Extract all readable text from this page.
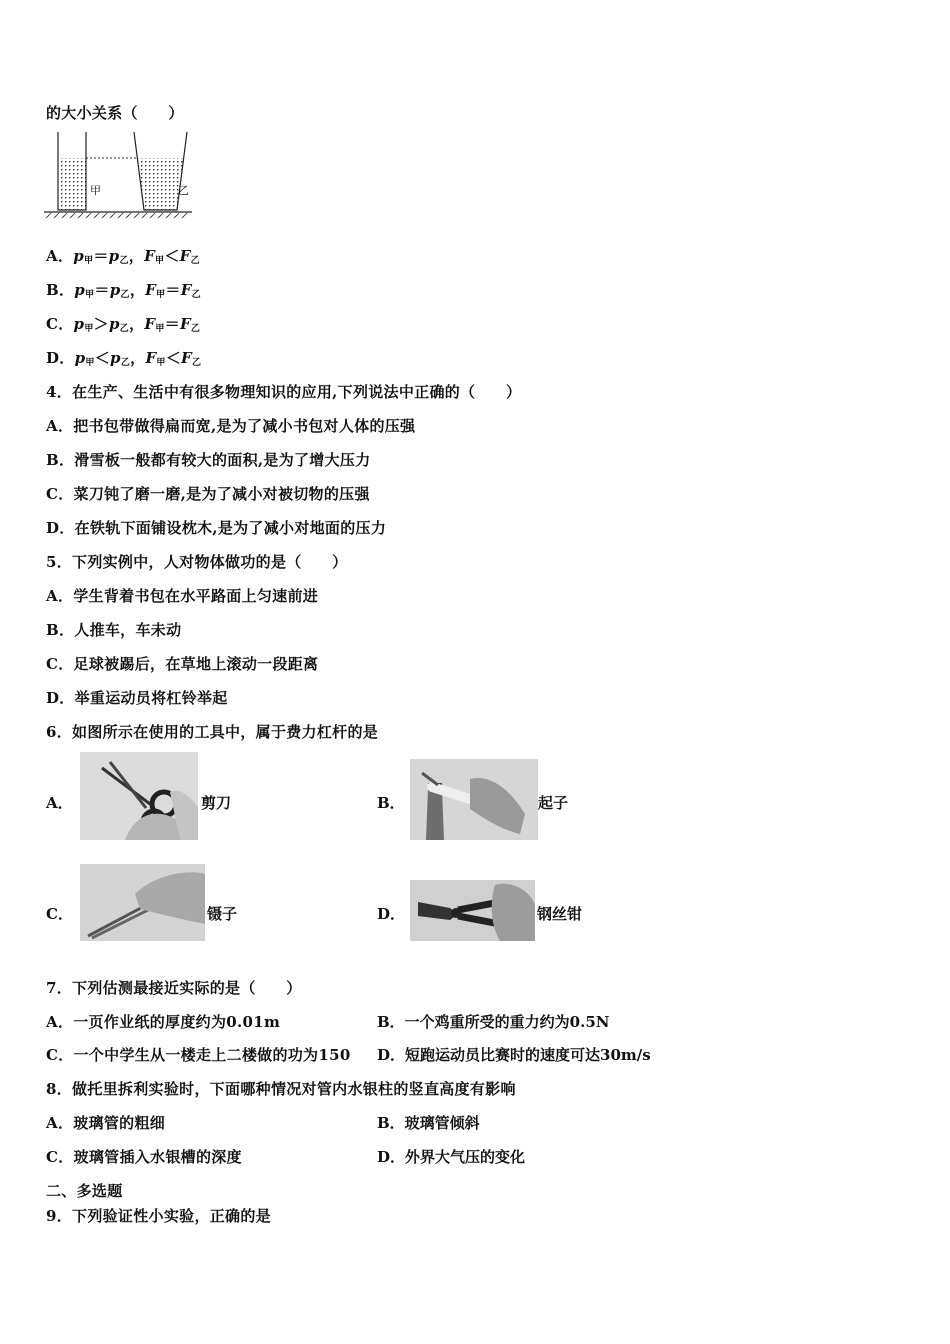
的大小关系（　　）
甲	乙
A．$p_甲=p_乙$，$F_甲<F_乙$
B．$p_甲=p_乙$，$F_甲=F_乙$
C．$p_甲>p_乙$，$F_甲=F_乙$
D．$p_甲<p_乙$，$F_甲<F_乙$
4．在生产、生活中有很多物理知识的应用,下列说法中正确的（　　）
A．把书包带做得扁而宽,是为了减小书包对人体的压强
B．滑雪板一般都有较大的面积,是为了增大压力
C．菜刀钝了磨一磨,是为了减小对被切物的压强
D．在铁轨下面铺设枕木,是为了减小对地面的压力
5．下列实例中，人对物体做功的是（　　）
A．学生背着书包在水平路面上匀速前进
B．人推车，车未动
C．足球被踢后，在草地上滚动一段距离
D．举重运动员将杠铃举起
6．如图所示在使用的工具中，属于费力杠杆的是
A．	剪刀	B．	起子
C．	镊子	D．	钢丝钳
7．下列估测最接近实际的是（　　）
A．一页作业纸的厚度约为0.01m	B．一个鸡重所受的重力约为0.5N
C．一个中学生从一楼走上二楼做的功为150 D．短跑运动员比赛时的速度可达30m/s
8．做托里拆利实验时，下面哪种情况对管内水银柱的竖直高度有影响
A．玻璃管的粗细	B．玻璃管倾斜
C．玻璃管插入水银槽的深度	D．外界大气压的变化
二、多选题
9．下列验证性小实验，正确的是
